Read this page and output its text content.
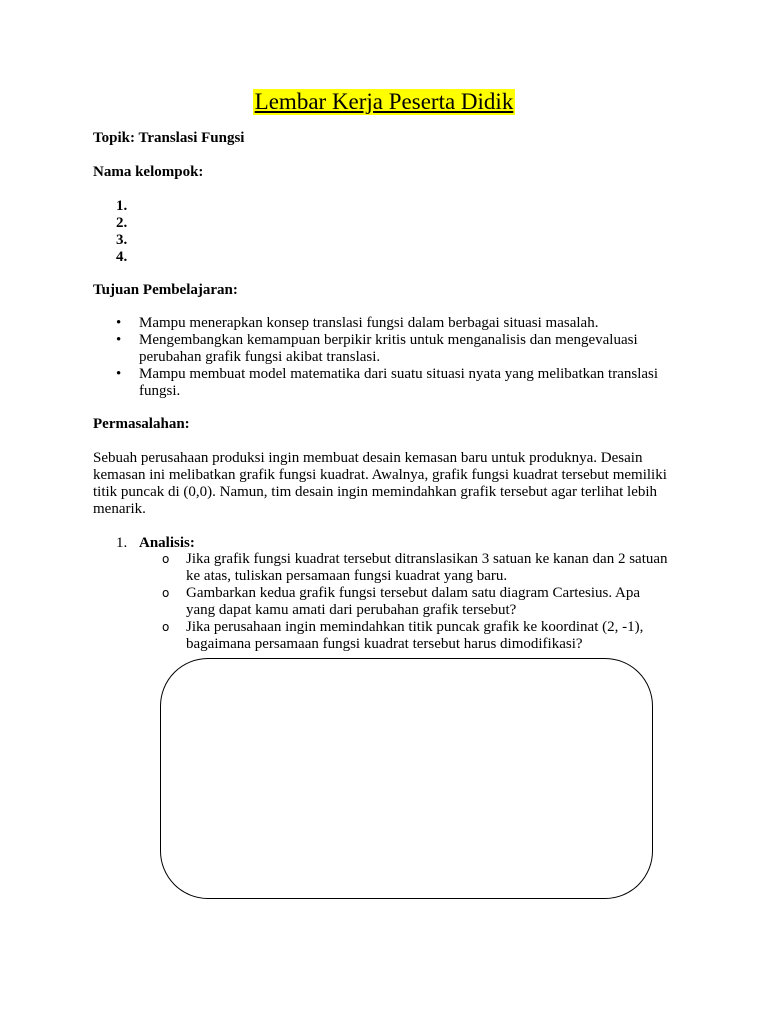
Lembar Kerja Peserta Didik
Topik: Translasi Fungsi
Nama kelompok:
1.
2.
3.
4.
Tujuan Pembelajaran:
• Mampu menerapkan konsep translasi fungsi dalam berbagai situasi masalah.
• Mengembangkan kemampuan berpikir kritis untuk menganalisis dan mengevaluasi perubahan grafik fungsi akibat translasi.
• Mampu membuat model matematika dari suatu situasi nyata yang melibatkan translasi fungsi.
Permasalahan:
Sebuah perusahaan produksi ingin membuat desain kemasan baru untuk produknya. Desain kemasan ini melibatkan grafik fungsi kuadrat. Awalnya, grafik fungsi kuadrat tersebut memiliki titik puncak di (0,0). Namun, tim desain ingin memindahkan grafik tersebut agar terlihat lebih menarik.
1. Analisis:
o Jika grafik fungsi kuadrat tersebut ditranslasikan 3 satuan ke kanan dan 2 satuan ke atas, tuliskan persamaan fungsi kuadrat yang baru.
o Gambarkan kedua grafik fungsi tersebut dalam satu diagram Cartesius. Apa yang dapat kamu amati dari perubahan grafik tersebut?
o Jika perusahaan ingin memindahkan titik puncak grafik ke koordinat (2, -1), bagaimana persamaan fungsi kuadrat tersebut harus dimodifikasi?
